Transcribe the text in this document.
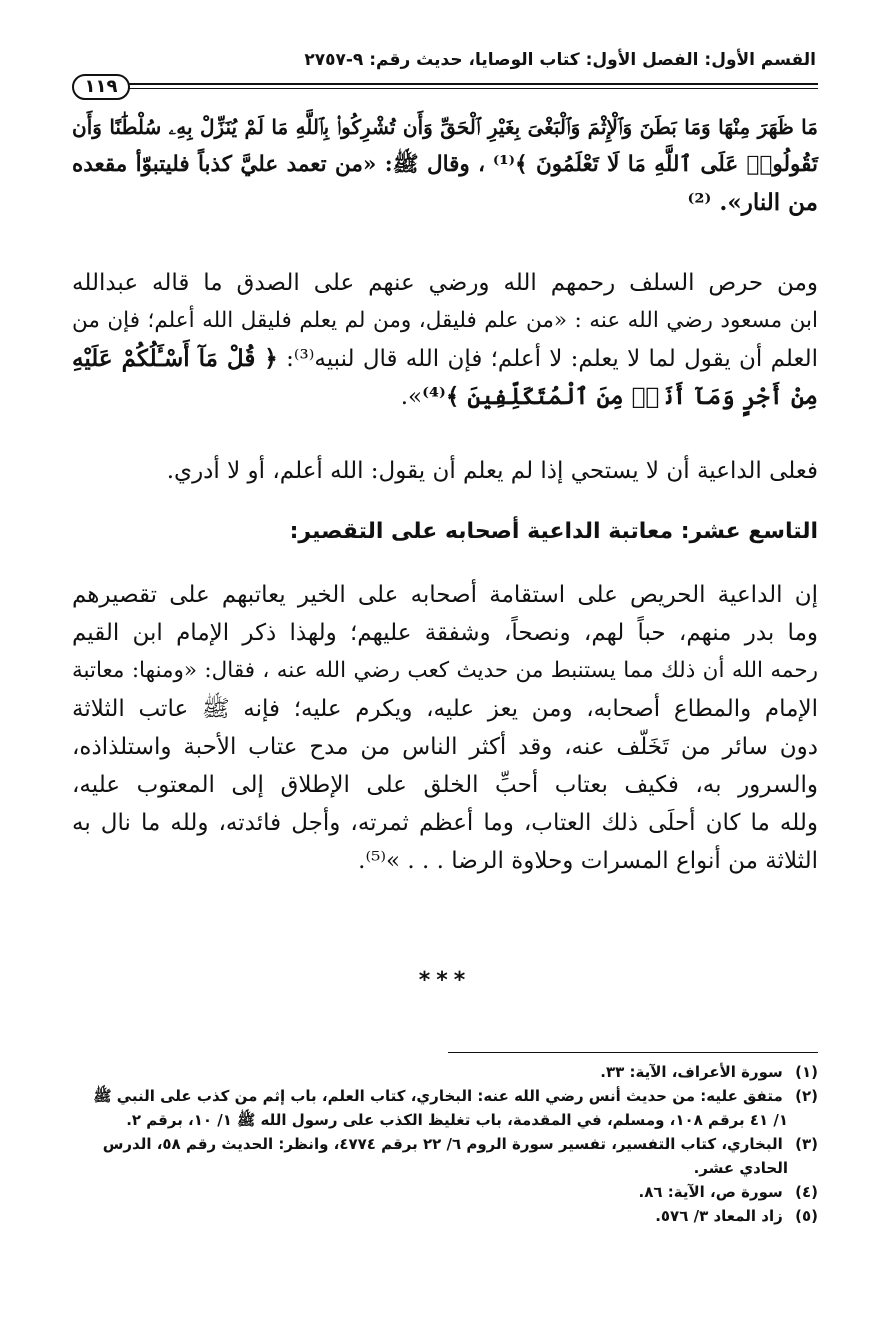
القسم الأول: الفصل الأول: كتاب الوصايا، حديث رقم: ٩-٢٧٥٧
١١٩
مَا ظَهَرَ مِنْهَا وَمَا بَطَنَ وَٱلْإِثْمَ وَٱلْبَغْىَ بِغَيْرِ ٱلْحَقِّ وَأَن تُشْرِكُوا۟ بِٱللَّهِ مَا لَمْ يُنَزِّلْ بِهِۦ سُلْطَٰنًا وَأَن
تَقُولُوا۟ عَلَى ٱللَّهِ مَا لَا تَعْلَمُونَ ﴾⁽¹⁾ ، وقال ﷺ: «من تعمد عليَّ كذباً فليتبوّأ مقعده
من النار». ⁽²⁾
ومن حرص السلف رحمهم الله ورضي عنهم على الصدق ما قاله عبدالله
ابن مسعود رضي الله عنه : «من علم فليقل، ومن لم يعلم فليقل الله أعلم؛ فإن من
العلم أن يقول لما لا يعلم: لا أعلم؛ فإن الله قال لنبيه⁽³⁾: ﴿ قُلْ مَآ أَسْـَٔلُكُمْ عَلَيْهِ
مِنْ أَجْرٍ وَمَآ أَنَا۠ مِنَ ٱلْمُتَكَلِّفِينَ ﴾⁽⁴⁾».
فعلى الداعية أن لا يستحي إذا لم يعلم أن يقول: الله أعلم، أو لا أدري.
التاسع عشر: معاتبة الداعية أصحابه على التقصير:
إن الداعية الحريص على استقامة أصحابه على الخير يعاتبهم على تقصيرهم
وما بدر منهم، حباً لهم، ونصحاً، وشفقة عليهم؛ ولهذا ذكر الإمام ابن القيم
رحمه الله أن ذلك مما يستنبط من حديث كعب رضي الله عنه ، فقال: «ومنها: معاتبة
الإمام والمطاع أصحابه، ومن يعز عليه، ويكرم عليه؛ فإنه ﷺ عاتب الثلاثة
دون سائر من تَخَلّف عنه، وقد أكثر الناس من مدح عتاب الأحبة واستلذاذه،
والسرور به، فكيف بعتاب أحبِّ الخلق على الإطلاق إلى المعتوب عليه،
ولله ما كان أحلَى ذلك العتاب، وما أعظم ثمرته، وأجل فائدته، ولله ما نال به
الثلاثة من أنواع المسرات وحلاوة الرضا . . . »⁽⁵⁾.
***
(١) سورة الأعراف، الآية: ٣٣.
(٢) متفق عليه: من حديث أنس رضي الله عنه: البخاري، كتاب العلم، باب إثم من كذب على النبي ﷺ
١/ ٤١ برقم ١٠٨، ومسلم، في المقدمة، باب تغليظ الكذب على رسول الله ﷺ ١/ ١٠، برقم ٢.
(٣) البخاري، كتاب التفسير، تفسير سورة الروم ٦/ ٢٢ برقم ٤٧٧٤، وانظر: الحديث رقم ٥٨، الدرس
الحادي عشر.
(٤) سورة ص، الآية: ٨٦.
(٥) زاد المعاد ٣/ ٥٧٦.
